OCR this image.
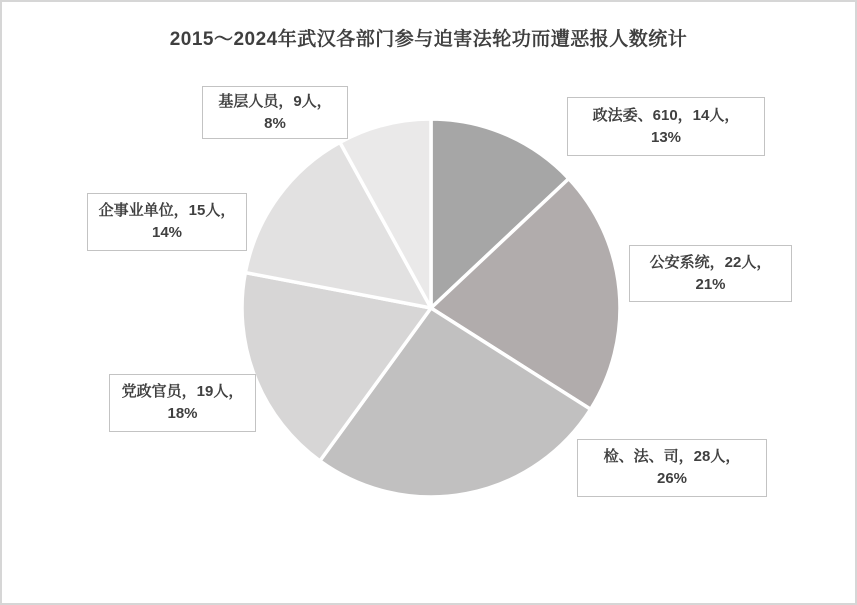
2015～2024年武汉各部门参与迫害法轮功而遭恶报人数统计
政法委、610，14人，
13%
公安系统，22人，
21%
检、法、司，28人，
26%
党政官员，19人，
18%
企事业单位，15人，
14%
基层人员，9人，
8%
